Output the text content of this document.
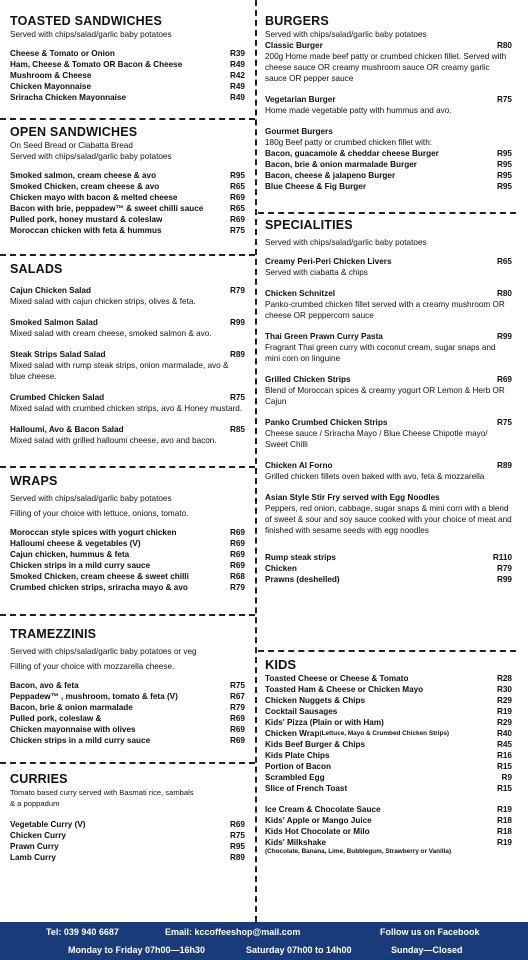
TOASTED SANDWICHES
Served with chips/salad/garlic baby potatoes
Cheese & Tomato or Onion	R39
Ham, Cheese & Tomato OR Bacon & Cheese	R49
Mushroom & Cheese	R42
Chicken Mayonnaise	R49
Sriracha Chicken Mayonnaise	R49
OPEN SANDWICHES
On Seed Bread or Ciabatta Bread
Served with chips/salad/garlic baby potatoes
Smoked salmon, cream cheese & avo	R95
Smoked Chicken, cream cheese & avo	R65
Chicken mayo with bacon & melted cheese	R69
Bacon with brie, peppadew™ & sweet chilli sauce	R65
Pulled pork, honey mustard & coleslaw	R69
Moroccan chicken with feta & hummus	R75
SALADS
Cajun Chicken Salad	R79
Mixed salad with cajun chicken strips, olives & feta.
Smoked Salmon Salad	R99
Mixed salad with cream cheese, smoked salmon & avo.
Steak Strips Salad Salad	R89
Mixed salad with rump steak strips, onion marmalade, avo & blue cheese.
Crumbed Chicken Salad	R75
Mixed salad with crumbed chicken strips, avo & Honey mustard.
Halloumi, Avo & Bacon Salad	R85
Mixed salad with grilled halloumi cheese, avo and bacon.
WRAPS
Served with chips/salad/garlic baby potatoes
Filling of your choice with lettuce, onions, tomato.
Moroccan style spices with yogurt chicken	R69
Halloumi cheese & vegetables (V)	R69
Cajun chicken, hummus & feta	R69
Chicken strips in a mild curry sauce	R69
Smoked Chicken, cream cheese & sweet chilli	R68
Crumbed chicken strips, sriracha mayo & avo	R79
TRAMEZZINIS
Served with chips/salad/garlic baby potatoes or veg
Filling of your choice with mozzarella cheese.
Bacon, avo & feta	R75
Peppadew™ , mushroom, tomato & feta (V)	R67
Bacon, brie & onion marmalade	R79
Pulled pork, coleslaw &	R69
Chicken mayonnaise with olives	R69
Chicken strips in a mild curry sauce	R69
CURRIES
Tomato based curry served with Basmati rice, sambals
& a poppadum
Vegetable Curry (V)	R69
Chicken Curry	R75
Prawn Curry	R95
Lamb Curry	R89
BURGERS
Served with chips/salad/garlic baby potatoes
Classic Burger	R80
200g Home made beef patty or crumbed chicken fillet. Served with cheese sauce OR creamy mushroom sauce OR creamy garlic sauce OR pepper sauce
Vegetarian Burger	R75
Home made vegetable patty with hummus and avo.
Gourmet Burgers
180g Beef patty or crumbed chicken fillet with:
Bacon, guacamole & cheddar cheese Burger	R95
Bacon, brie & onion marmalade Burger	R95
Bacon, cheese & jalapeno Burger	R95
Blue Cheese & Fig Burger	R95
SPECIALITIES
Served with chips/salad/garlic baby potatoes
Creamy Peri-Peri Chicken Livers	R65
Served with ciabatta & chips
Chicken Schnitzel	R80
Panko-crumbed chicken fillet served with a creamy mushroom OR cheese OR peppercorn sauce
Thai Green Prawn Curry Pasta	R99
Fragrant Thai green curry with coconut cream, sugar snaps and mini corn on linguine
Grilled Chicken Strips	R69
Blend of Moroccan spices & creamy yogurt OR Lemon & Herb OR Cajun
Panko Crumbed Chicken Strips	R75
Cheese sauce / Sriracha Mayo / Blue Cheese Chipotle mayo/ Sweet Chilli
Chicken Al Forno	R89
Grilled chicken fillets oven baked with avo, feta & mozzarella
Asian Style Stir Fry served with Egg Noodles
Peppers, red onion, cabbage, sugar snaps & mini corn with a blend of sweet & sour and soy sauce cooked with your choice of meat and finished with sesame seeds with egg noodles
Rump steak strips	R110
Chicken	R79
Prawns (deshelled)	R99
KIDS
Toasted Cheese or Cheese & Tomato	R28
Toasted Ham & Cheese or Chicken Mayo	R30
Chicken Nuggets & Chips	R29
Cocktail Sausages	R19
Kids' Pizza (Plain or with Ham)	R29
Chicken Wrap (Lettuce, Mayo & Crumbed Chicken Strips)	R40
Kids Beef Burger & Chips	R45
Kids Plate Chips	R16
Portion of Bacon	R15
Scrambled Egg	R9
Slice of French Toast	R15
Ice Cream & Chocolate Sauce	R19
Kids' Apple or Mango Juice	R18
Kids Hot Chocolate or Milo	R18
Kids' Milkshake	R19
(Chocolate, Banana, Lime, Bubblegum, Strawberry or Vanilla)
Tel: 039 940 6687	Email: kccoffeeshop@mail.com	Follow us on Facebook
Monday to Friday 07h00—16h30	Saturday 07h00 to 14h00	Sunday—Closed
